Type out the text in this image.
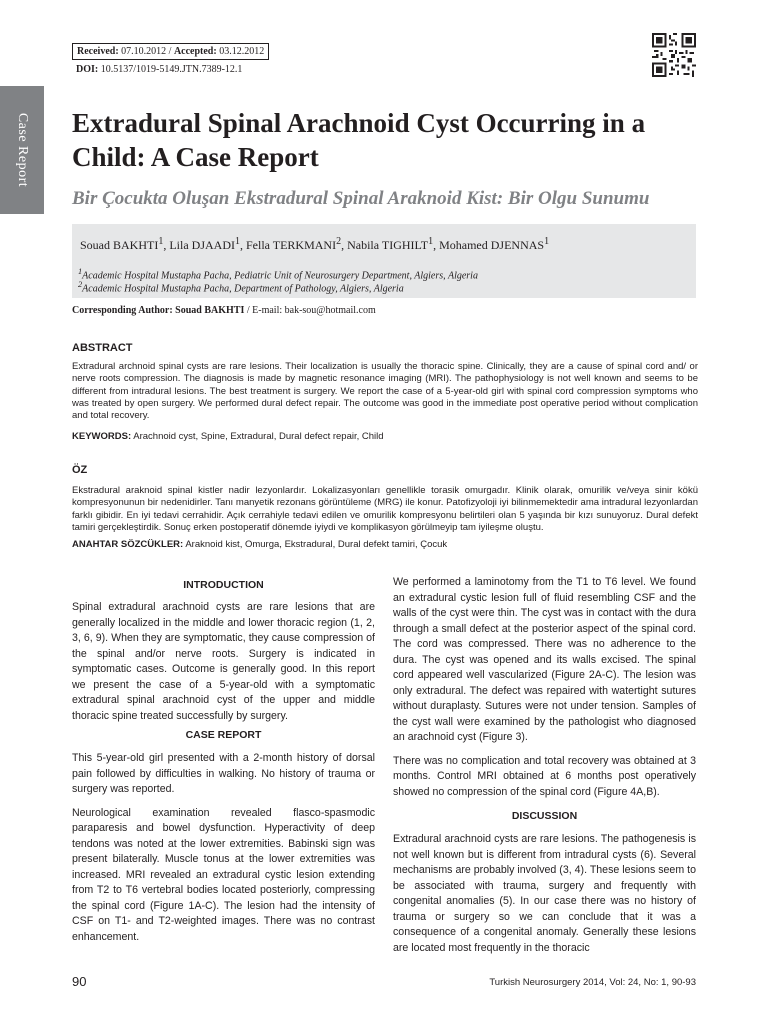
Case Report
Received: 07.10.2012 / Accepted: 03.12.2012
DOI: 10.5137/1019-5149.JTN.7389-12.1
Extradural Spinal Arachnoid Cyst Occurring in a Child: A Case Report
Bir Çocukta Oluşan Ekstradural Spinal Araknoid Kist: Bir Olgu Sunumu
Souad BAKHTI$^1$, Lila DJAADI$^1$, Fella TERKMANI$^2$, Nabila TIGHILT$^1$, Mohamed DJENNAS$^1$
$^1$Academic Hospital Mustapha Pacha, Pediatric Unit of Neurosurgery Department, Algiers, Algeria
$^2$Academic Hospital Mustapha Pacha, Department of Pathology, Algiers, Algeria
Corresponding Author: Souad BAKHTI / E-mail: bak-sou@hotmail.com
ABSTRACT

Extradural archnoid spinal cysts are rare lesions. Their localization is usually the thoracic spine. Clinically, they are a cause of spinal cord and/ or nerve roots compression. The diagnosis is made by magnetic resonance imaging (MRI). The pathophysiology is not well known and seems to be different from intradural lesions. The best treatment is surgery. We report the case of a 5-year-old girl with spinal cord compression symptoms who was treated by open surgery. We performed dural defect repair. The outcome was good in the immediate post operative period without complication and total recovery.

KEYWORDS: Arachnoid cyst, Spine, Extradural, Dural defect repair, Child
ÖZ

Ekstradural araknoid spinal kistler nadir lezyonlardır. Lokalizasyonları genellikle torasik omurgadır. Klinik olarak, omurilik ve/veya sinir kökü kompresyonunun bir nedenidirler. Tanı manyetik rezonans görüntüleme (MRG) ile konur. Patofizyoloji iyi bilinmemektedir ama intradural lezyonlardan farklı gibidir. En iyi tedavi cerrahidir. Açık cerrahiyle tedavi edilen ve omurilik kompresyonu belirtileri olan 5 yaşında bir kızı sunuyoruz. Dural defekt tamiri gerçekleştirdik. Sonuç erken postoperatif dönemde iyiydi ve komplikasyon görülmeyip tam iyileşme oluştu.

ANAHTAR SÖZCÜKLER: Araknoid kist, Omurga, Ekstradural, Dural defekt tamiri, Çocuk
INTRODUCTION

Spinal extradural arachnoid cysts are rare lesions that are generally localized in the middle and lower thoracic region (1, 2, 3, 6, 9). When they are symptomatic, they cause compression of the spinal and/or nerve roots. Surgery is indicated in symptomatic cases. Outcome is generally good. In this report we present the case of a 5-year-old with a symptomatic extradural spinal arachnoid cyst of the upper and middle thoracic spine treated successfully by surgery.

CASE REPORT

This 5-year-old girl presented with a 2-month history of dorsal pain followed by difficulties in walking. No history of trauma or surgery was reported.

Neurological examination revealed flasco-spasmodic paraparesis and bowel dysfunction. Hyperactivity of deep tendons was noted at the lower extremities. Babinski sign was present bilaterally. Muscle tonus at the lower extremities was increased. MRI revealed an extradural cystic lesion extending from T2 to T6 vertebral bodies located posteriorly, compressing the spinal cord (Figure 1A-C). The lesion had the intensity of CSF on T1- and T2-weighted images. There was no contrast enhancement.

We performed a laminotomy from the T1 to T6 level. We found an extradural cystic lesion full of fluid resembling CSF and the walls of the cyst were thin. The cyst was in contact with the dura through a small defect at the posterior aspect of the spinal cord. The cord was compressed. There was no adherence to the dura. The cyst was opened and its walls excised. The spinal cord appeared well vascularized (Figure 2A-C). The lesion was only extradural. The defect was repaired with watertight sutures without duraplasty. Sutures were not under tension. Samples of the cyst wall were examined by the pathologist who diagnosed an arachnoid cyst (Figure 3).

There was no complication and total recovery was obtained at 3 months. Control MRI obtained at 6 months post operatively showed no compression of the spinal cord (Figure 4A,B).

DISCUSSION

Extradural arachnoid cysts are rare lesions. The pathogenesis is not well known but is different from intradural cysts (6). Several mechanisms are probably involved (3, 4). These lesions seem to be associated with trauma, surgery and frequently with congenital anomalies (5). In our case there was no history of trauma or surgery so we can conclude that it was a consequence of a congenital anomaly. Generally these lesions are located most frequently in the thoracic

90	Turkish Neurosurgery 2014, Vol: 24, No: 1, 90-93
